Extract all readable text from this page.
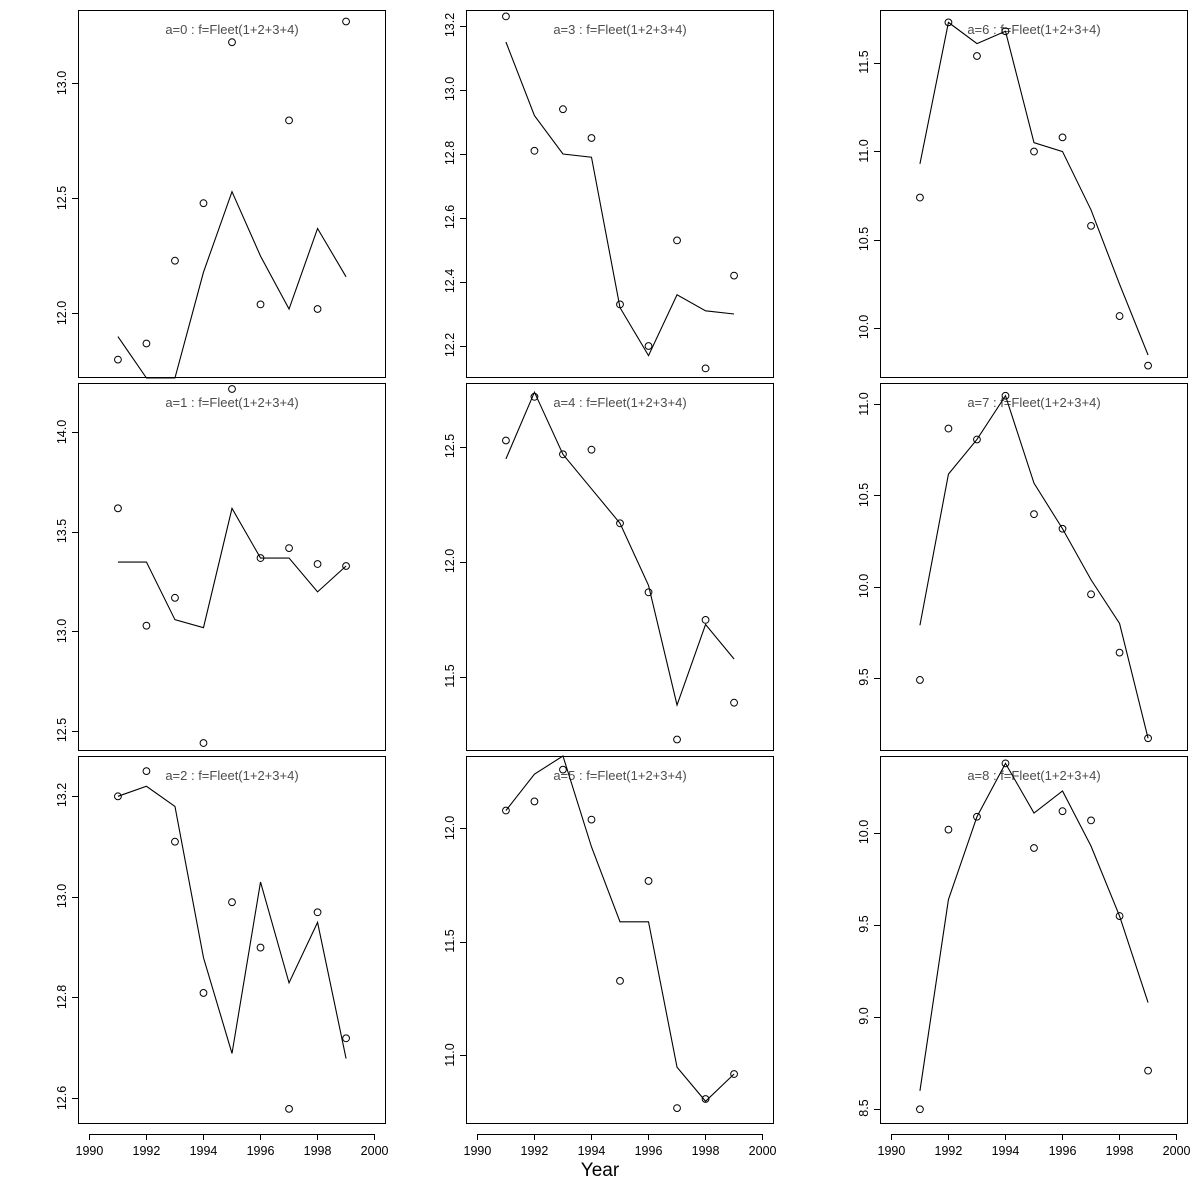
a=0 : f=Fleet(1+2+3+4)
12.0
12.5
13.0
a=3 : f=Fleet(1+2+3+4)
12.2
12.4
12.6
12.8
13.0
13.2	a=6 : f=Fleet(1+2+3+4)
10.0
10.5
11.0
11.5
a=1 : f=Fleet(1+2+3+4)
12.5
13.0
13.5
14.0
a=4 : f=Fleet(1+2+3+4)
11.5
12.0
12.5
a=7 : f=Fleet(1+2+3+4)
9.5
10.0
10.5
11.0
a=2 : f=Fleet(1+2+3+4)
12.6
12.8
13.0
13.2
1990	1992	1994	1996	1998	2000
a=5 : f=Fleet(1+2+3+4)
11.0
11.5
12.0
1990	1992	1994	1996	1998	2000
a=8 : f=Fleet(1+2+3+4)
8.5
9.0
9.5
10.0
1990	1992	1994	1996	1998	2000
Year
